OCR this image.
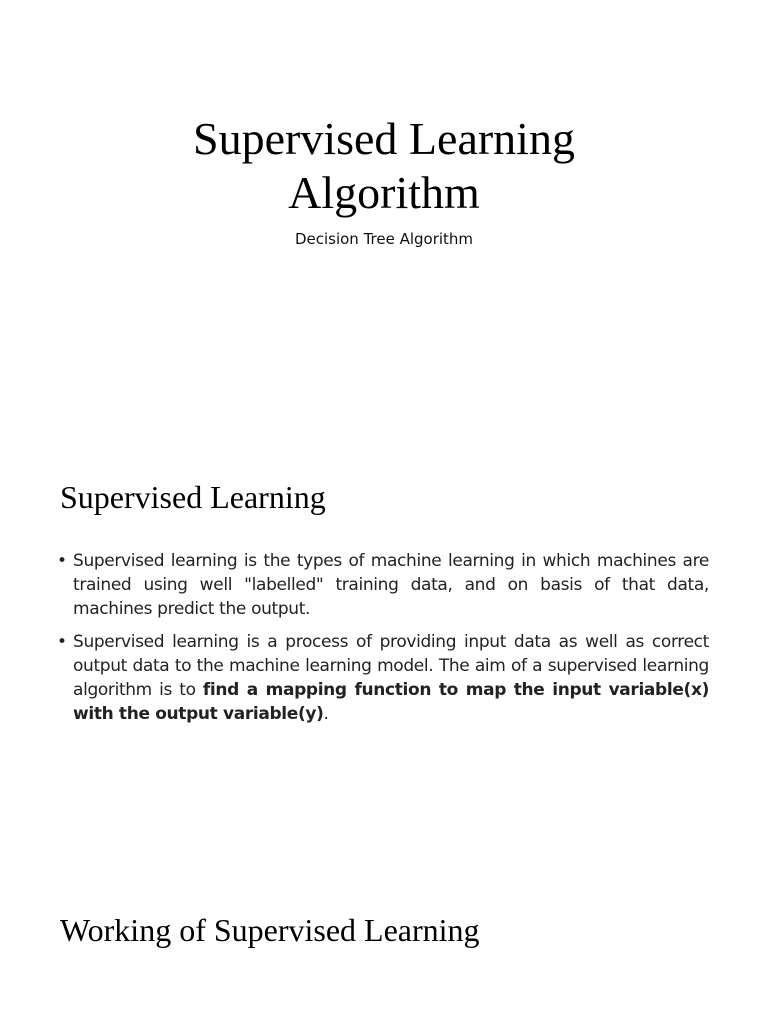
Supervised Learning
Algorithm
Decision Tree Algorithm
Supervised Learning
• Supervised learning is the types of machine learning in which machines are trained using well "labelled" training data, and on basis of that data, machines predict the output.
• Supervised learning is a process of providing input data as well as correct output data to the machine learning model. The aim of a supervised learning algorithm is to find a mapping function to map the input variable(x) with the output variable(y).
Working of Supervised Learning
